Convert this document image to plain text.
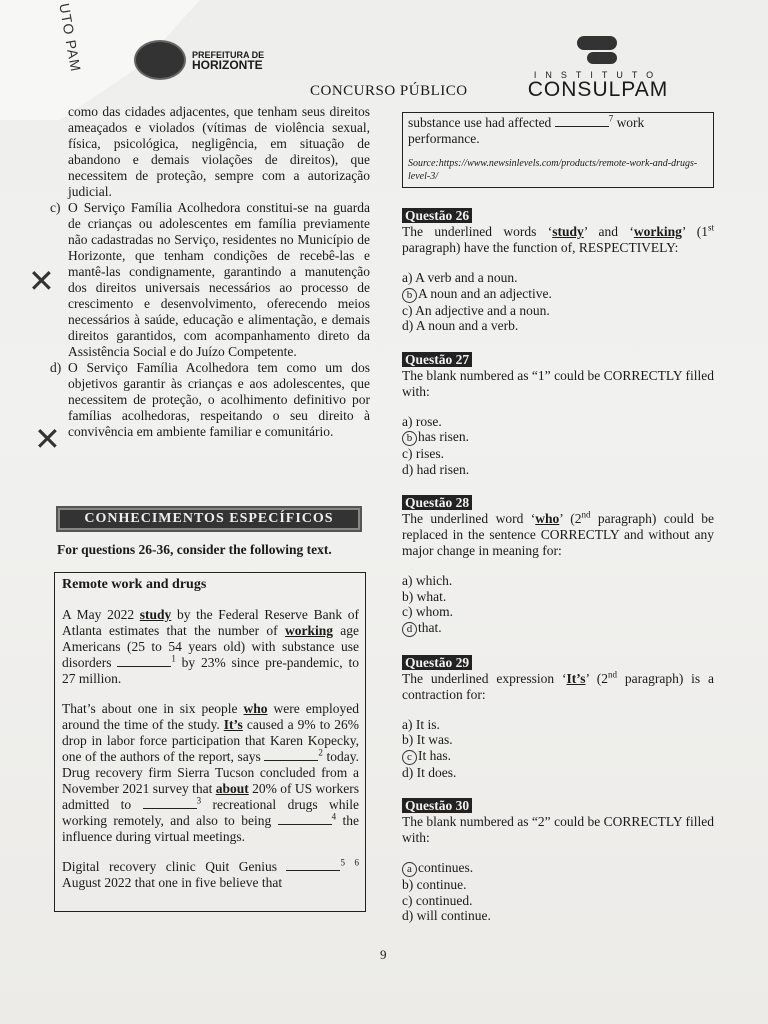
UTO PAM	PREFEITURA DE
HORIZONTE
CONCURSO PÚBLICO
INSTITUTO
CONSULPAM

como das cidades adjacentes, que tenham seus direitos ameaçados e violados (vítimas de violência sexual, física, psicológica, negligência, em situação de abandono e demais violações de direitos), que necessitem de proteção, sempre com a autorização judicial.

c) O Serviço Família Acolhedora constitui-se na guarda de crianças ou adolescentes em família previamente não cadastradas no Serviço, residentes no Município de Horizonte, que tenham condições de recebê-las e mantê-las condignamente, garantindo a manutenção dos direitos universais necessários ao processo de crescimento e desenvolvimento, oferecendo meios necessários à saúde, educação e alimentação, e demais direitos garantidos, com acompanhamento direto da Assistência Social e do Juízo Competente.
d) O Serviço Família Acolhedora tem como um dos objetivos garantir às crianças e aos adolescentes, que necessitem de proteção, o acolhimento definitivo por famílias acolhedoras, respeitando o seu direito à convivência em ambiente familiar e comunitário.
✕
✕
CONHECIMENTOS ESPECÍFICOS
For questions 26-36, consider the following text.
Remote work and drugs

A May 2022 study by the Federal Reserve Bank of Atlanta estimates that the number of working age Americans (25 to 54 years old) with substance use disorders	$^1$ by 23% since pre-pandemic, to 27 million.

That’s about one in six people who were employed around the time of the study. It’s caused a 9% to 26% drop in labor force participation that Karen Kopecky, one of the authors of the report, says	$^2$ today. Drug recovery firm Sierra Tucson concluded from a November 2021 survey that about 20% of US workers admitted to	$^3$ recreational drugs while working remotely, and also to being	$^4$ the influence during virtual meetings.

Digital recovery clinic Quit Genius	$^5$ $^6$ August 2022 that one in five believe that

substance use had affected	$^7$ work performance.

Source:https://www.newsinlevels.com/products/remote-work-and-drugs-level-3/

Questão 26

The underlined words ‘study’ and ‘working’ (1st paragraph) have the function of, RESPECTIVELY:

a) A verb and a noun.
b A noun and an adjective.
c) An adjective and a noun.
d) A noun and a verb.
Questão 27

The blank numbered as “1” could be CORRECTLY filled with:

a) rose.
b has risen.
c) rises.
d) had risen.
Questão 28

The underlined word ‘who’ (2nd paragraph) could be replaced in the sentence CORRECTLY and without any major change in meaning for:

a) which.
b) what.
c) whom.
d that.
Questão 29

The underlined expression ‘It’s’ (2nd paragraph) is a contraction for:

a) It is.
b) It was.
c It has.
d) It does.
Questão 30

The blank numbered as “2” could be CORRECTLY filled with:

a continues.
b) continue.
c) continued.
d) will continue.
9
